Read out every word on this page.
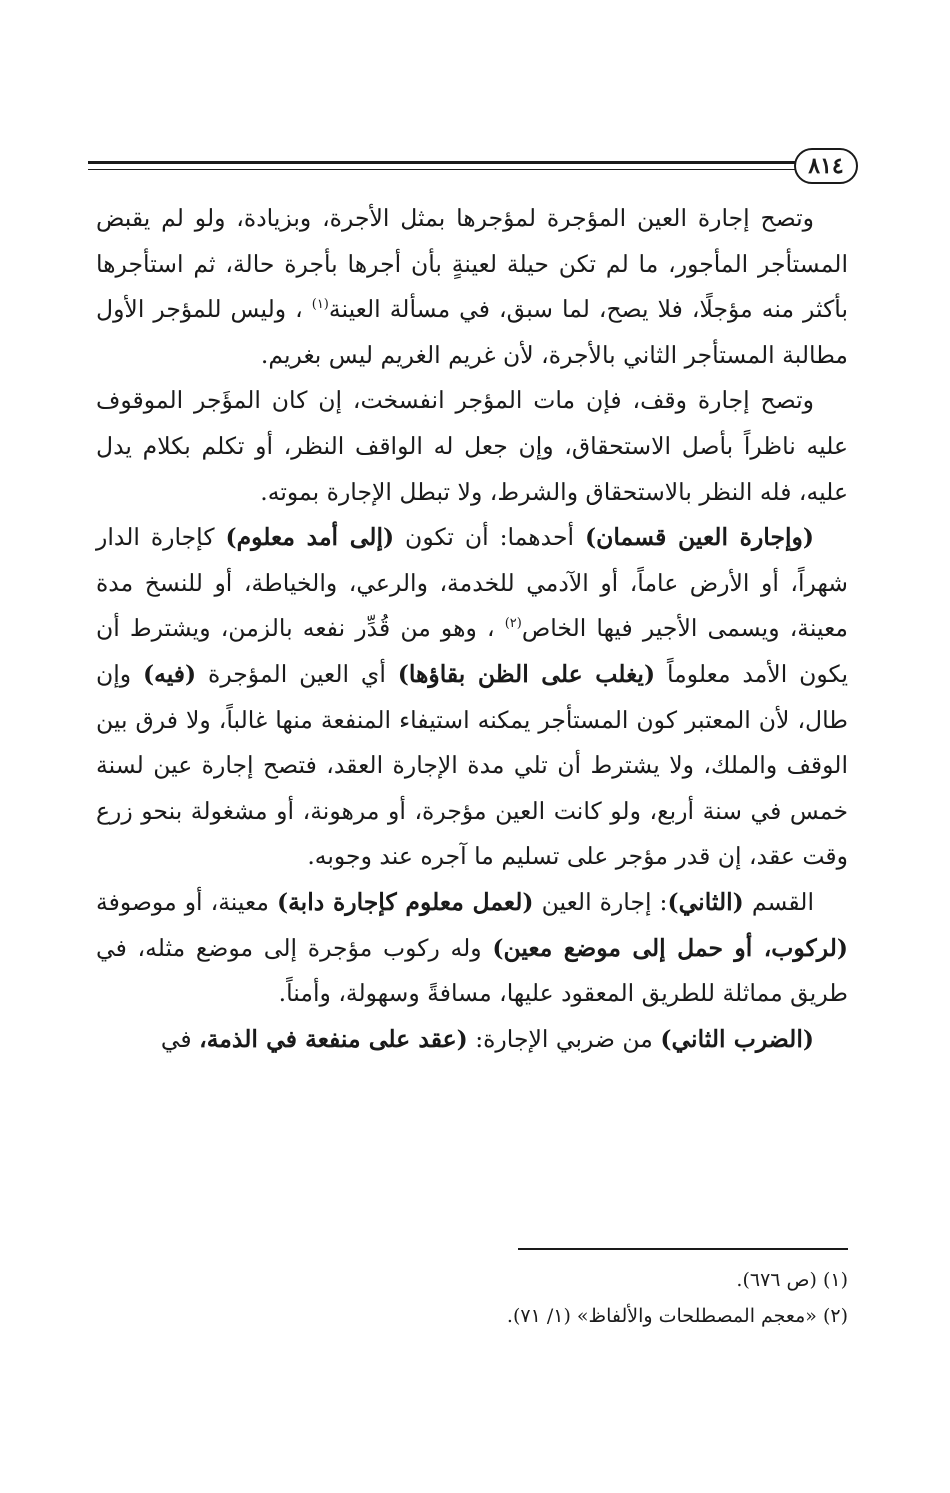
٨١٤

وتصح إجارة العين المؤجرة لمؤجرها بمثل الأجرة، وبزيادة، ولو لم يقبض المستأجر المأجور، ما لم تكن حيلة لعينةٍ بأن أجرها بأجرة حالة، ثم استأجرها بأكثر منه مؤجلًا، فلا يصح، لما سبق، في مسألة العينة$^{(١)}$ ، وليس للمؤجر الأول مطالبة المستأجر الثاني بالأجرة، لأن غريم الغريم ليس بغريم.

وتصح إجارة وقف، فإن مات المؤجر انفسخت، إن كان المؤَجر الموقوف عليه ناظراً بأصل الاستحقاق، وإن جعل له الواقف النظر، أو تكلم بكلام يدل عليه، فله النظر بالاستحقاق والشرط، ولا تبطل الإجارة بموته.

(وإجارة العين قسمان) أحدهما: أن تكون (إلى أمد معلوم) كإجارة الدار شهراً، أو الأرض عاماً، أو الآدمي للخدمة، والرعي، والخياطة، أو للنسخ مدة معينة، ويسمى الأجير فيها الخاص$^{(٢)}$ ، وهو من قُدِّر نفعه بالزمن، ويشترط أن يكون الأمد معلوماً (يغلب على الظن بقاؤها) أي العين المؤجرة (فيه) وإن طال، لأن المعتبر كون المستأجر يمكنه استيفاء المنفعة منها غالباً، ولا فرق بين الوقف والملك، ولا يشترط أن تلي مدة الإجارة العقد، فتصح إجارة عين لسنة خمس في سنة أربع، ولو كانت العين مؤجرة، أو مرهونة، أو مشغولة بنحو زرع وقت عقد، إن قدر مؤجر على تسليم ما آجره عند وجوبه.

القسم (الثاني): إجارة العين (لعمل معلوم كإجارة دابة) معينة، أو موصوفة (لركوب، أو حمل إلى موضع معين) وله ركوب مؤجرة إلى موضع مثله، في طريق مماثلة للطريق المعقود عليها، مسافةً وسهولة، وأمناً.

(الضرب الثاني) من ضربي الإجارة: (عقد على منفعة في الذمة، في

(١) (ص ٦٧٦).
(٢) «معجم المصطلحات والألفاظ» (١/ ٧١).
